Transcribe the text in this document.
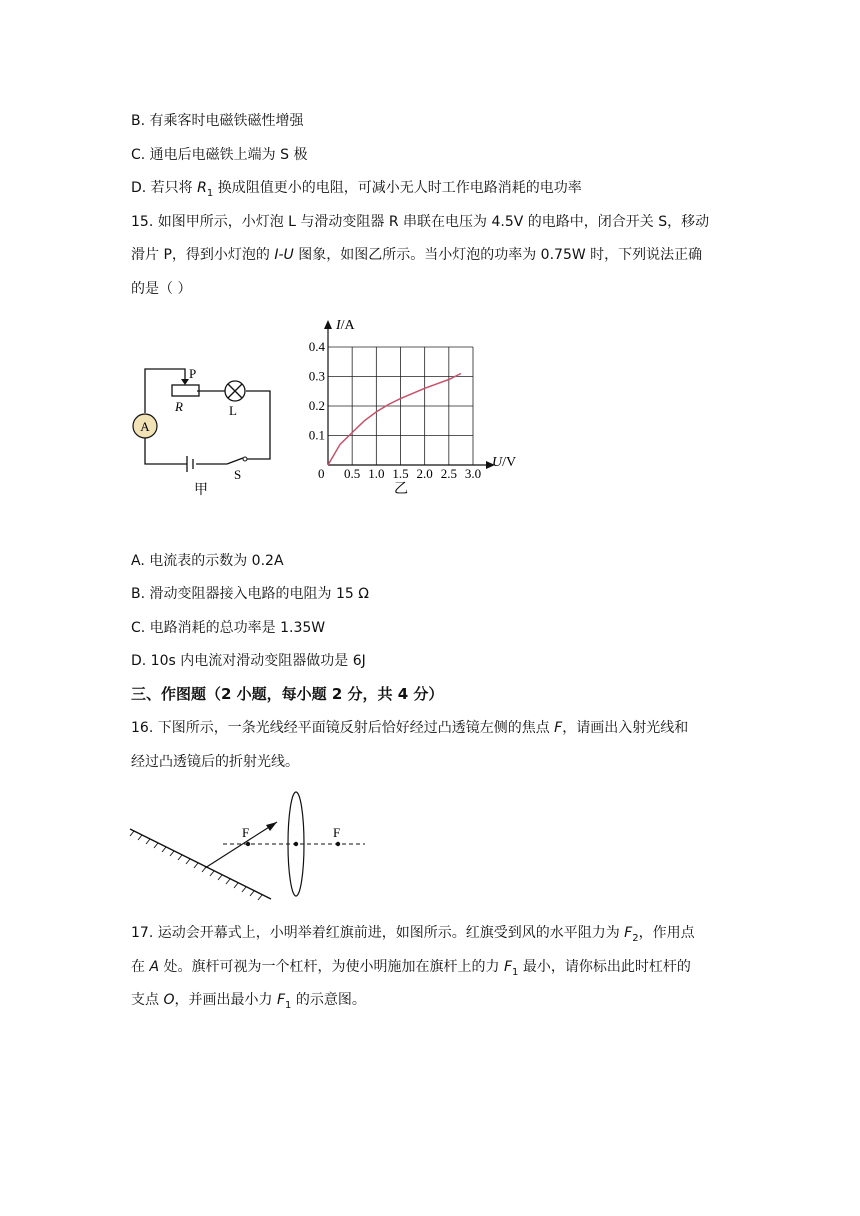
B. 有乘客时电磁铁磁性增强
C. 通电后电磁铁上端为 S 极
D. 若只将 $R_1$ 换成阻值更小的电阻，可减小无人时工作电路消耗的电功率
15. 如图甲所示，小灯泡 L 与滑动变阻器 R 串联在电压为 4.5V 的电路中，闭合开关 S，移动
滑片 P，得到小灯泡的 I-U 图象，如图乙所示。当小灯泡的功率为 0.75W 时，下列说法正确
的是（ ）
A
P
R	L
S
甲
0.5 1.0 1.5 2.0 2.5 3.0
0.1
0.2
0.3
0.4
0
I/A
U/V
乙
A. 电流表的示数为 0.2A
B. 滑动变阻器接入电路的电阻为 15 Ω
C. 电路消耗的总功率是 1.35W
D. 10s 内电流对滑动变阻器做功是 6J
三、作图题（2 小题，每小题 2 分，共 4 分）
16. 下图所示，一条光线经平面镜反射后恰好经过凸透镜左侧的焦点 F，请画出入射光线和
经过凸透镜后的折射光线。
F	F
17. 运动会开幕式上，小明举着红旗前进，如图所示。红旗受到风的水平阻力为 $F_2$，作用点
在 A 处。旗杆可视为一个杠杆，为使小明施加在旗杆上的力 $F_1$ 最小，请你标出此时杠杆的
支点 O，并画出最小力 $F_1$ 的示意图。
